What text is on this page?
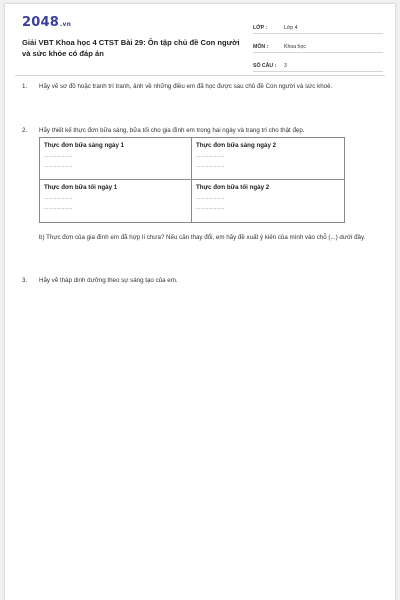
2048.vn
Giải VBT Khoa học 4 CTST Bài 29: Ôn tập chủ đề Con người và sức khỏe có đáp án
LỚP :	Lớp 4
MÔN :	Khoa học
SỐ CÂU :	3
1. Hãy vẽ sơ đồ hoặc tranh trí tranh, ảnh về những điều em đã học được sau chủ đề Con người và sức khoẻ.
2. Hãy thiết kế thực đơn bữa sáng, bữa tối cho gia đình em trong hai ngày và trang trí cho thật đẹp.
Thực đơn bữa sáng ngày 1
..................
..................
Thực đơn bữa sáng ngày 2
..................
..................
Thực đơn bữa tối ngày 1
..................
..................
Thực đơn bữa tối ngày 2
..................
..................
b) Thực đơn của gia đình em đã hợp lí chưa? Nếu cần thay đổi, em hãy đề xuất ý kiến của mình vào chỗ (...) dưới đây.
3. Hãy vẽ tháp dinh dưỡng theo sự sáng tạo của em.
